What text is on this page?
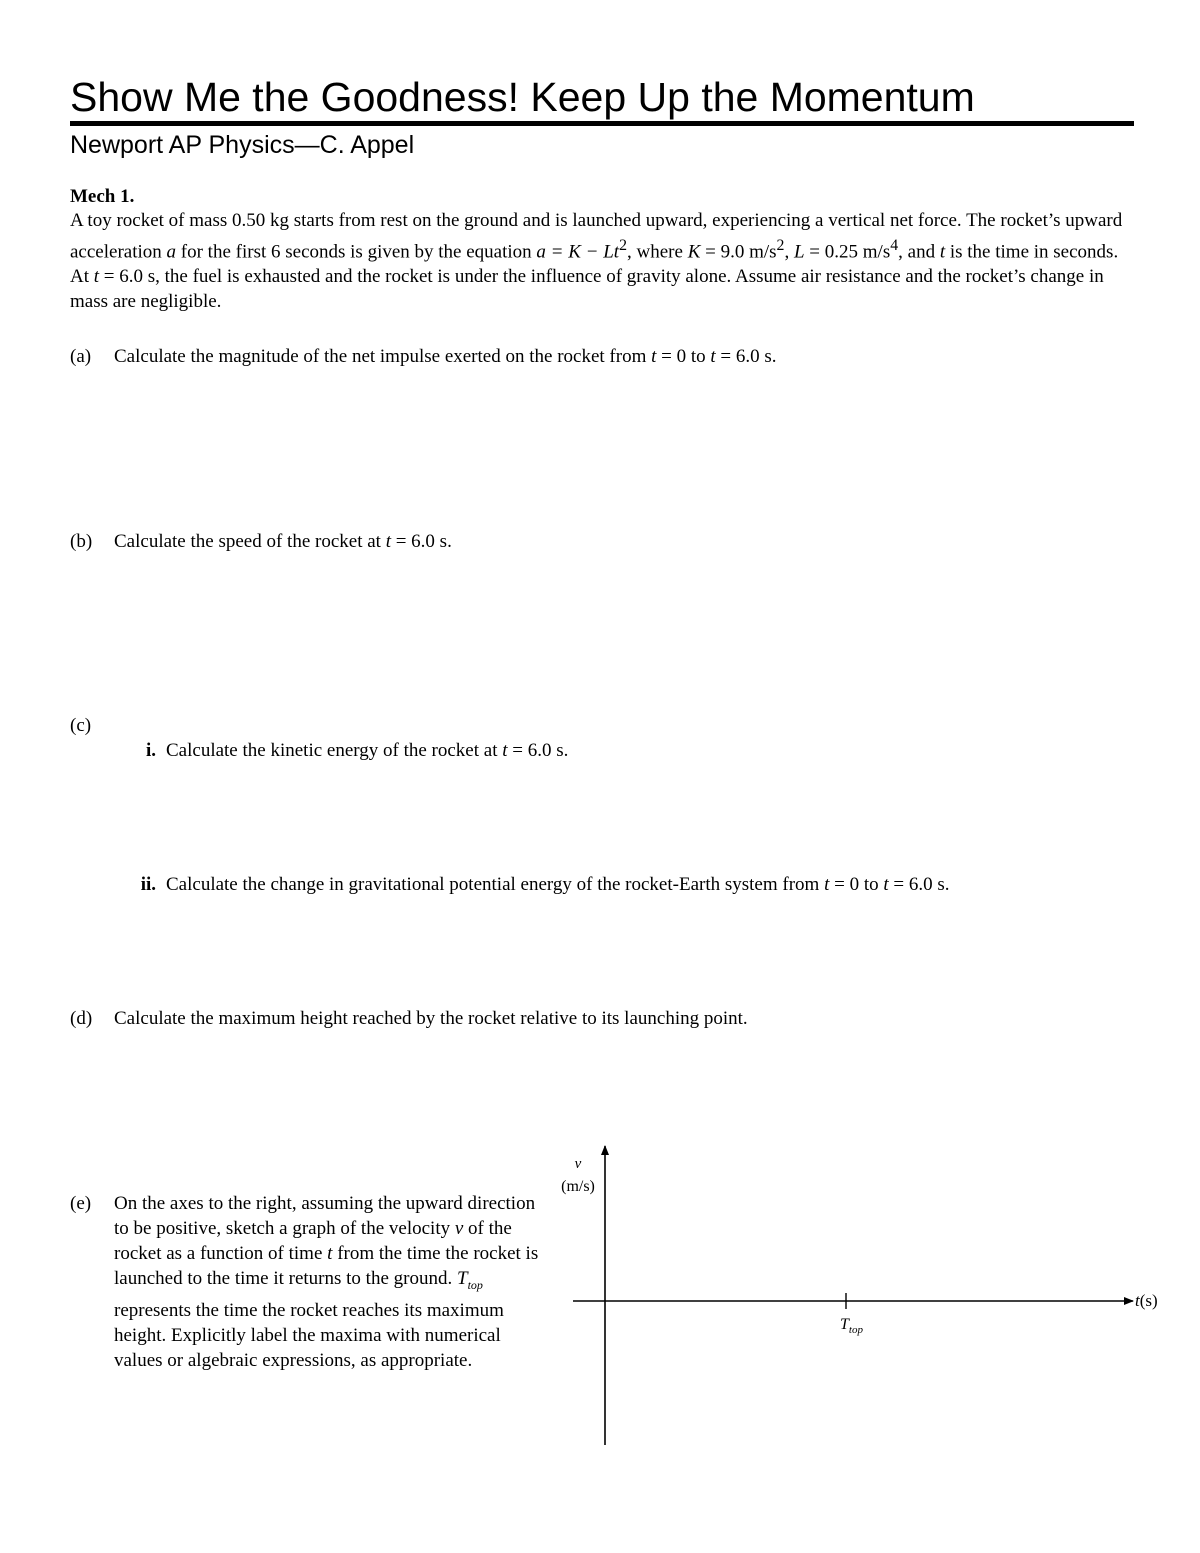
Show Me the Goodness! Keep Up the Momentum
Newport AP Physics—C. Appel
Mech 1.
A toy rocket of mass 0.50 kg starts from rest on the ground and is launched upward, experiencing a vertical net force. The rocket’s upward acceleration a for the first 6 seconds is given by the equation $a = K - Lt^2$, where K = 9.0 $m/s^2$, L = 0.25 $m/s^4$, and t is the time in seconds. At t = 6.0 s, the fuel is exhausted and the rocket is under the influence of gravity alone. Assume air resistance and the rocket’s change in mass are negligible.
(a) Calculate the magnitude of the net impulse exerted on the rocket from t = 0 to t = 6.0 s.
(b) Calculate the speed of the rocket at t = 6.0 s.
(c)
i. Calculate the kinetic energy of the rocket at t = 6.0 s.
ii. Calculate the change in gravitational potential energy of the rocket-Earth system from t = 0 to t = 6.0 s.
(d) Calculate the maximum height reached by the rocket relative to its launching point.
(e)	On the axes to the right, assuming the upward direction to be positive, sketch a graph of the velocity v of the rocket as a function of time t from the time the rocket is launched to the time it returns to the ground. $T_{top}$ represents the time the rocket reaches its maximum height. Explicitly label the maxima with numerical values or algebraic expressions, as appropriate.
v
(m/s)
t(s)
$T_{top}$
